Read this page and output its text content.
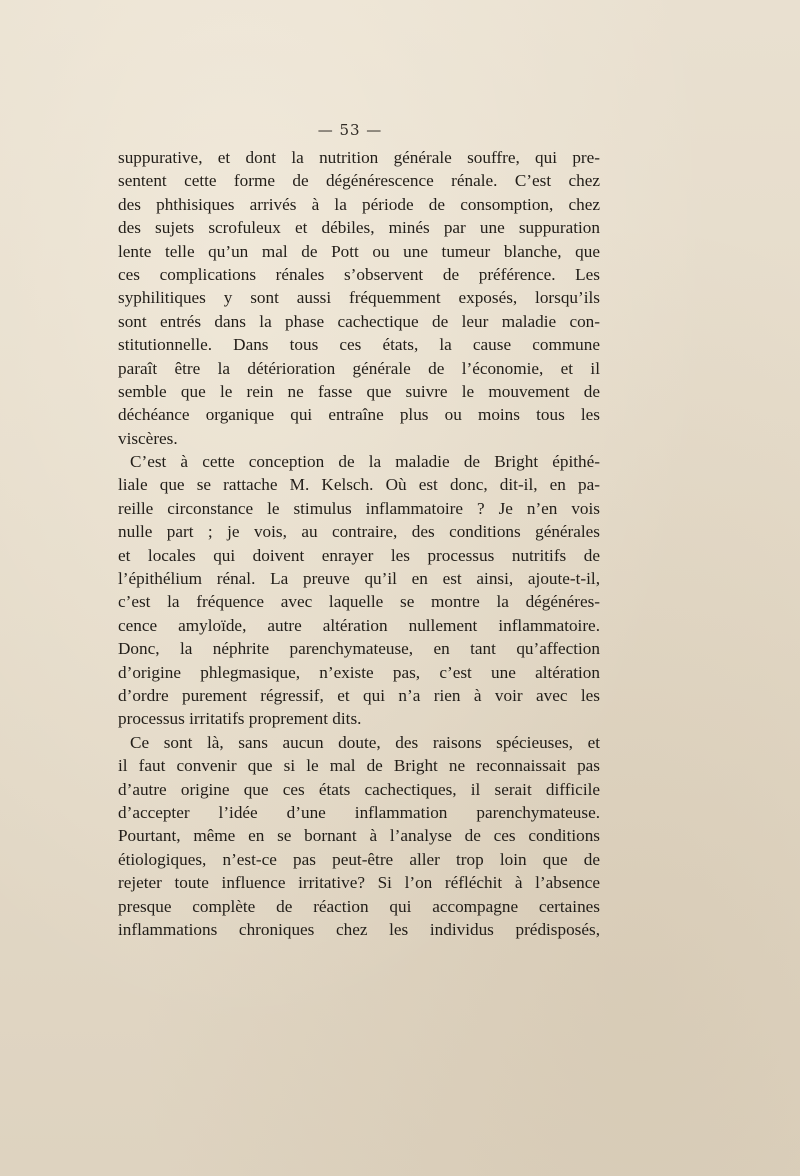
— 53 —
suppurative, et dont la nutrition générale souffre, qui pre-
sentent cette forme de dégénérescence rénale. C’est chez
des phthisiques arrivés à la période de consomption, chez
des sujets scrofuleux et débiles, minés par une suppuration
lente telle qu’un mal de Pott ou une tumeur blanche, que
ces complications rénales s’observent de préférence. Les
syphilitiques y sont aussi fréquemment exposés, lorsqu’ils
sont entrés dans la phase cachectique de leur maladie con-
stitutionnelle. Dans tous ces états, la cause commune
paraît être la détérioration générale de l’économie, et il
semble que le rein ne fasse que suivre le mouvement de
déchéance organique qui entraîne plus ou moins tous les
viscères.
C’est à cette conception de la maladie de Bright épithé-
liale que se rattache M. Kelsch. Où est donc, dit-il, en pa-
reille circonstance le stimulus inflammatoire ? Je n’en vois
nulle part ; je vois, au contraire, des conditions générales
et locales qui doivent enrayer les processus nutritifs de
l’épithélium rénal. La preuve qu’il en est ainsi, ajoute-t-il,
c’est la fréquence avec laquelle se montre la dégénéres-
cence amyloïde, autre altération nullement inflammatoire.
Donc, la néphrite parenchymateuse, en tant qu’affection
d’origine phlegmasique, n’existe pas, c’est une altération
d’ordre purement régressif, et qui n’a rien à voir avec les
processus irritatifs proprement dits.
Ce sont là, sans aucun doute, des raisons spécieuses, et
il faut convenir que si le mal de Bright ne reconnaissait pas
d’autre origine que ces états cachectiques, il serait difficile
d’accepter l’idée d’une inflammation parenchymateuse.
Pourtant, même en se bornant à l’analyse de ces conditions
étiologiques, n’est-ce pas peut-être aller trop loin que de
rejeter toute influence irritative? Si l’on réfléchit à l’absence
presque complète de réaction qui accompagne certaines
inflammations chroniques chez les individus prédisposés,
